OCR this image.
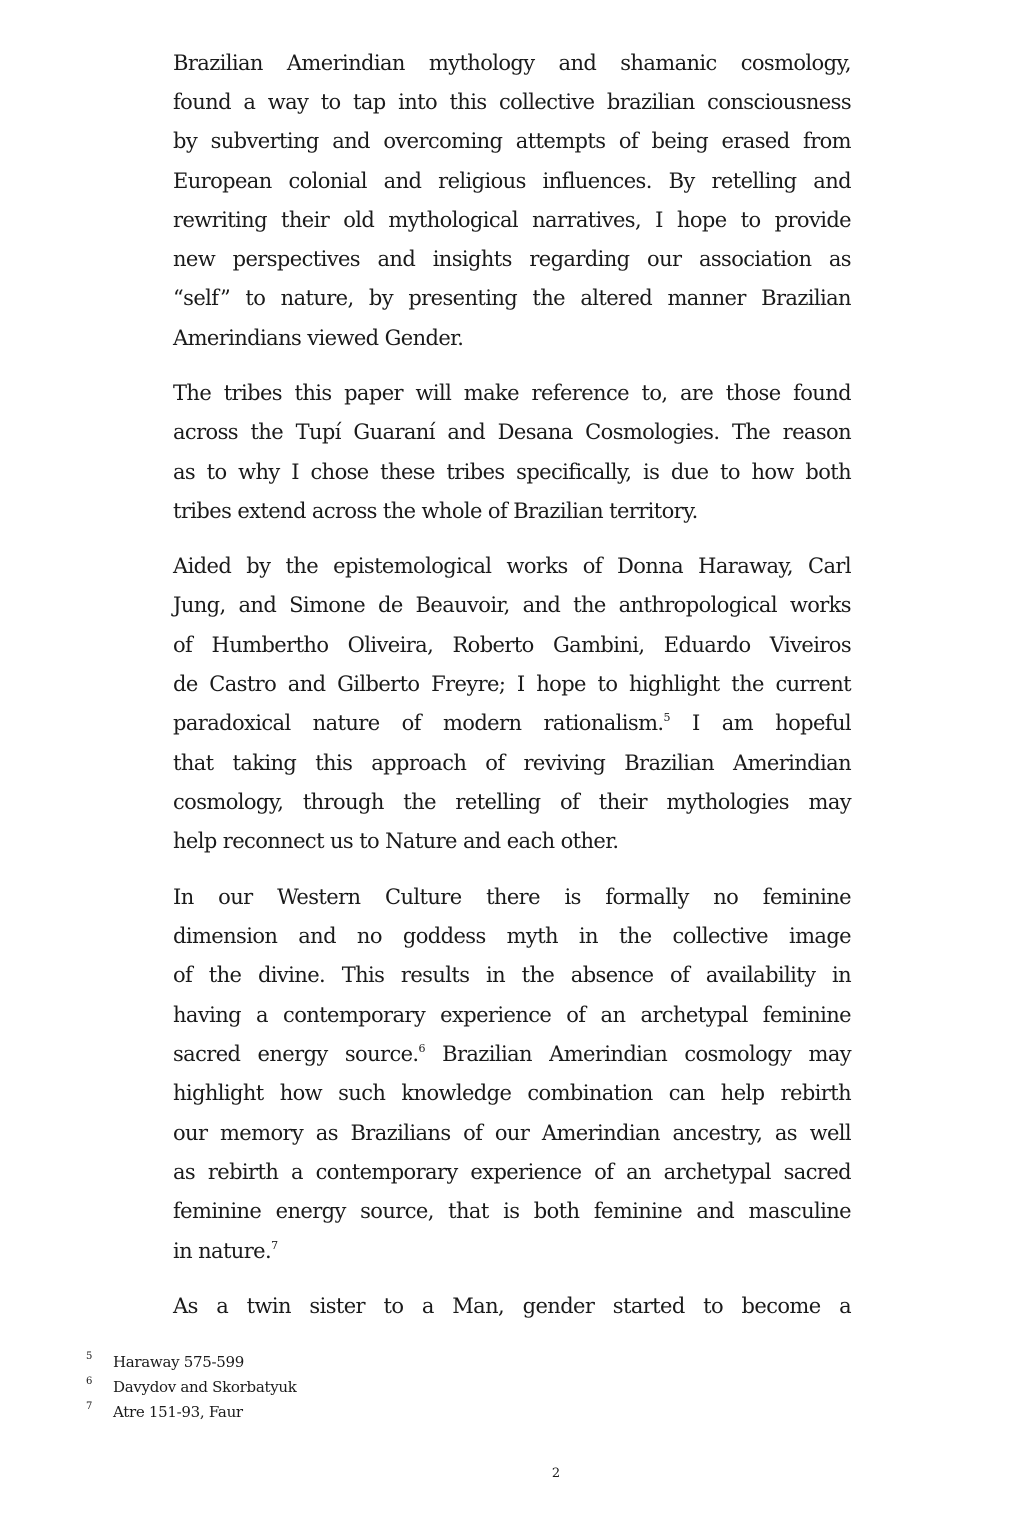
Brazilian Amerindian mythology and shamanic cosmology,
found a way to tap into this collective brazilian consciousness
by subverting and overcoming attempts of being erased from
European colonial and religious influences. By retelling and
rewriting their old mythological narratives, I hope to provide
new perspectives and insights regarding our association as
“self” to nature, by presenting the altered manner Brazilian
Amerindians viewed Gender.
The tribes this paper will make reference to, are those found
across the Tupí Guaraní and Desana Cosmologies. The reason
as to why I chose these tribes specifically, is due to how both
tribes extend across the whole of Brazilian territory.
Aided by the epistemological works of Donna Haraway, Carl
Jung, and Simone de Beauvoir, and the anthropological works
of Humbertho Oliveira, Roberto Gambini, Eduardo Viveiros
de Castro and Gilberto Freyre; I hope to highlight the current
paradoxical nature of modern rationalism.$^5$ I am hopeful
that taking this approach of reviving Brazilian Amerindian
cosmology, through the retelling of their mythologies may
help reconnect us to Nature and each other.
In our Western Culture there is formally no feminine
dimension and no goddess myth in the collective image
of the divine. This results in the absence of availability in
having a contemporary experience of an archetypal feminine
sacred energy source.$^6$ Brazilian Amerindian cosmology may
highlight how such knowledge combination can help rebirth
our memory as Brazilians of our Amerindian ancestry, as well
as rebirth a contemporary experience of an archetypal sacred
feminine energy source, that is both feminine and masculine
in nature.$^7$
As a twin sister to a Man, gender started to become a
5 Haraway 575-599
6 Davydov and Skorbatyuk
7 Atre 151-93, Faur
2
